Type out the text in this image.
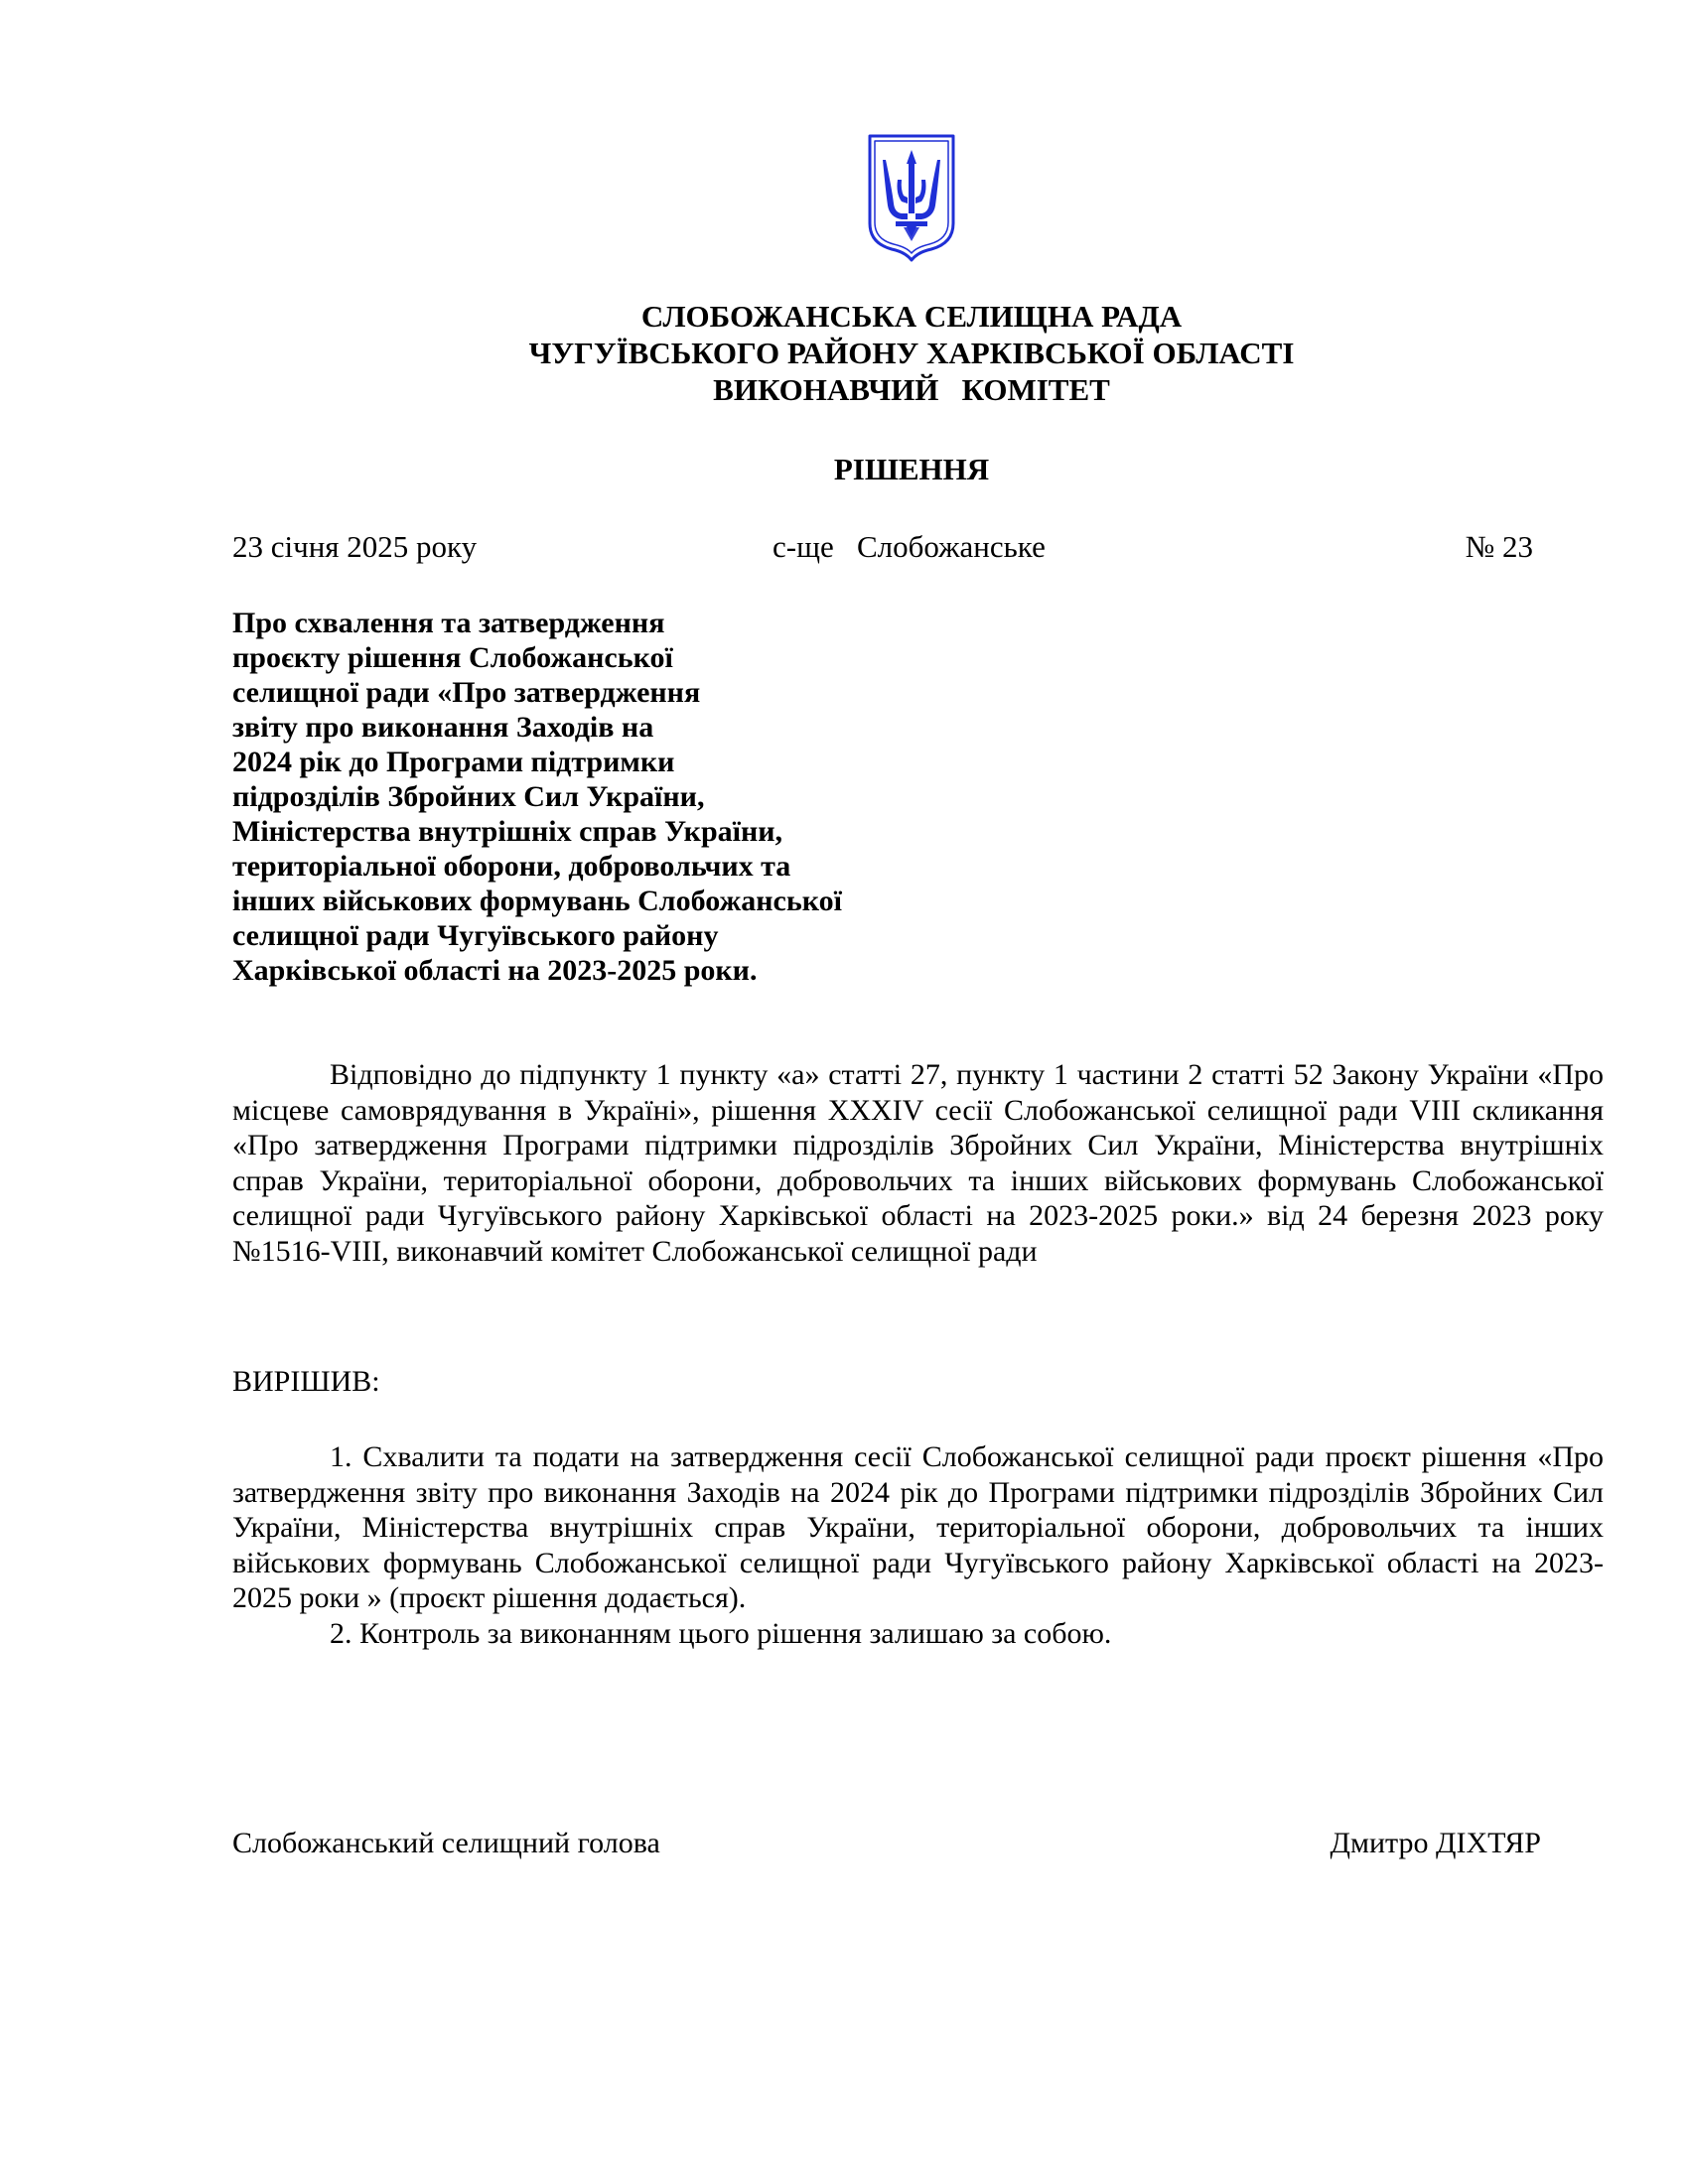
СЛОБОЖАНСЬКА СЕЛИЩНА РАДА
ЧУГУЇВСЬКОГО РАЙОНУ ХАРКІВСЬКОЇ ОБЛАСТІ
ВИКОНАВЧИЙ   КОМІТЕТ
РІШЕННЯ
23 січня 2025 року	с-ще   Слобожанське	№ 23
Про схвалення та затвердження
проєкту рішення Слобожанської
селищної ради «Про затвердження
звіту про виконання Заходів на
2024 рік до Програми підтримки
підрозділів Збройних Сил України,
Міністерства внутрішніх справ України,
територіальної оборони, добровольчих та
інших військових формувань Слобожанської
селищної ради Чугуївського району
Харківської області на 2023-2025 роки.
Відповідно до підпункту 1 пункту «а» статті 27, пункту 1 частини 2 статті 52 Закону України «Про місцеве самоврядування в Україні», рішення XXXIV сесії Слобожанської селищної ради VIII скликання «Про затвердження Програми підтримки підрозділів Збройних Сил України, Міністерства внутрішніх справ України, територіальної оборони, добровольчих та інших військових формувань Слобожанської селищної ради Чугуївського району Харківської області на 2023-2025 роки.» від 24 березня 2023 року №1516-VIII, виконавчий комітет Слобожанської селищної ради
ВИРІШИВ:
1. Схвалити та подати на затвердження сесії Слобожанської селищної ради проєкт рішення «Про затвердження звіту про виконання Заходів на 2024 рік до Програми підтримки підрозділів Збройних Сил України, Міністерства внутрішніх справ України, територіальної оборони, добровольчих та інших військових формувань Слобожанської селищної ради Чугуївського району Харківської області на 2023-2025 роки » (проєкт рішення додається).
2. Контроль за виконанням цього рішення залишаю за собою.
Слобожанський селищний голова	Дмитро ДІХТЯР
